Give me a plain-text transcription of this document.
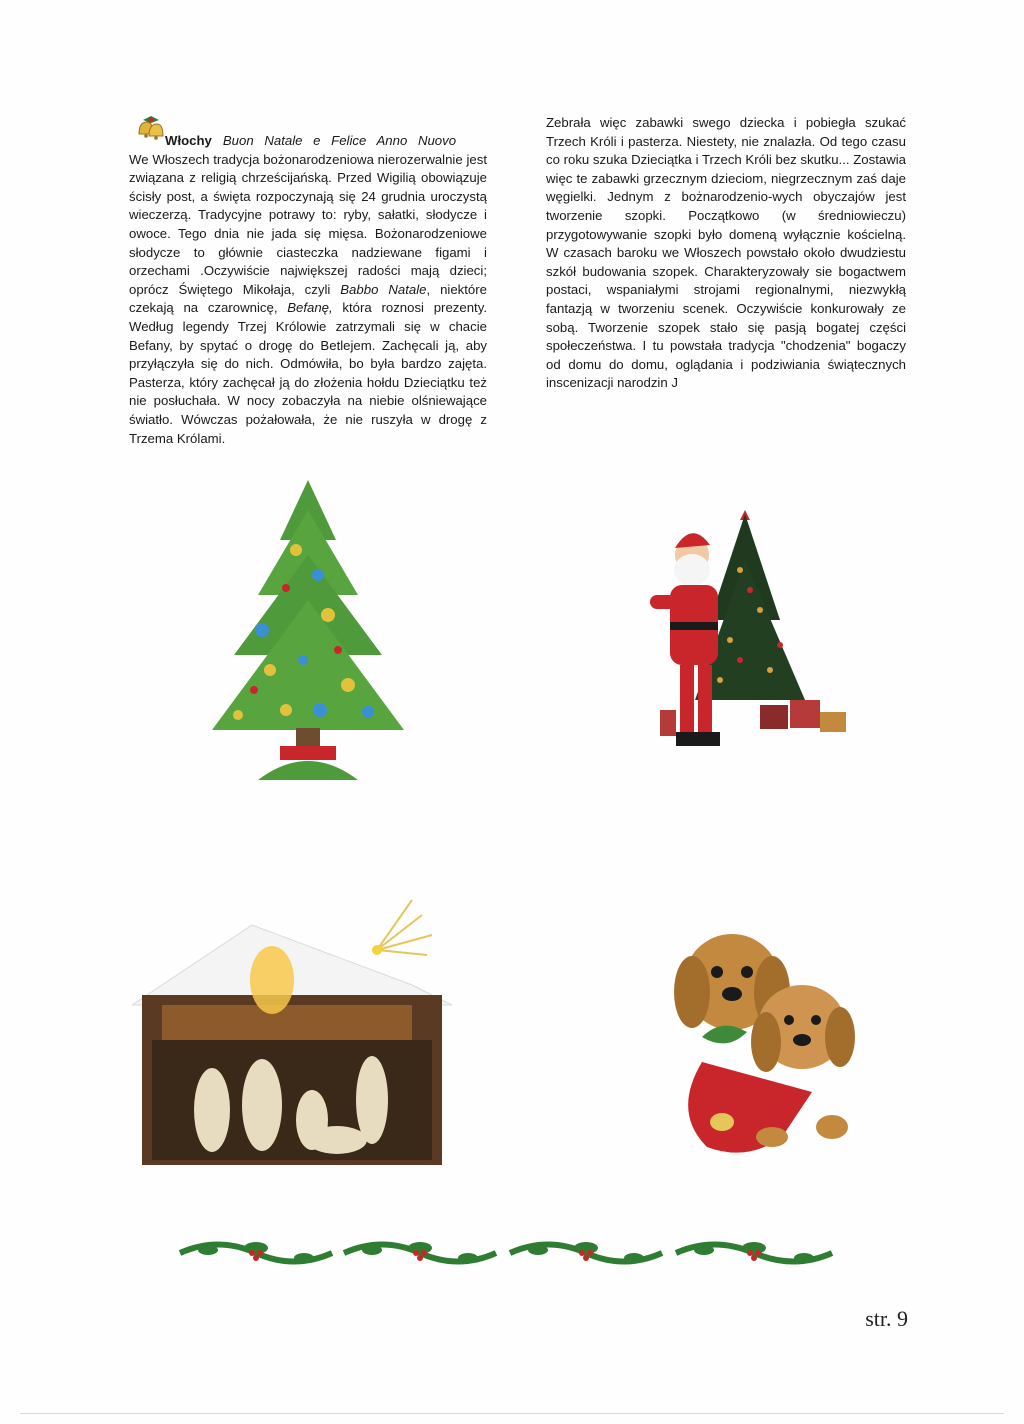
Włochy Buon Natale e Felice Anno Nuovo

We Włoszech tradycja bożonarodzeniowa nierozerwalnie jest związana z religią chrześcijańską. Przed Wigilią obowiązuje ścisły post, a święta rozpoczynają się 24 grudnia uroczystą wieczerzą. Tradycyjne potrawy to: ryby, sałatki, słodycze i owoce. Tego dnia nie jada się mięsa. Bożonarodzeniowe słodycze to głównie ciasteczka nadziewane figami i orzechami .Oczywiście największej radości mają dzieci; oprócz Świętego Mikołaja, czyli Babbo Natale, niektóre czekają na czarownicę, Befanę, która roznosi prezenty. Według legendy Trzej Królowie zatrzymali się w chacie Befany, by spytać o drogę do Betlejem. Zachęcali ją, aby przyłączyła się do nich. Odmówiła, bo była bardzo zajęta. Pasterza, który zachęcał ją do złożenia hołdu Dzieciątku też nie posłuchała. W nocy zobaczyła na niebie olśniewające światło. Wówczas pożałowała, że nie ruszyła w drogę z Trzema Królami.

Zebrała więc zabawki swego dziecka i pobiegła szukać Trzech Króli i pasterza. Niestety, nie znalazła. Od tego czasu co roku szuka Dzieciątka i Trzech Króli bez skutku... Zostawia więc te zabawki grzecznym dzieciom, niegrzecznym zaś daje węgielki. Jednym z bożnarodzenio-wych obyczajów jest tworzenie szopki. Początkowo (w średniowieczu) przygotowywanie szopki było domeną wyłącznie kościelną. W czasach baroku we Włoszech powstało około dwudziestu szkół budowania szopek. Charakteryzowały sie bogactwem postaci, wspaniałymi strojami regionalnymi, niezwykłą fantazją w tworzeniu scenek. Oczywiście konkurowały ze sobą. Tworzenie szopek stało się pasją bogatej części społeczeństwa. I tu powstała tradycja "chodzenia" bogaczy od domu do domu, oglądania i podziwiania świątecznych inscenizacji narodzin J

str. 9
